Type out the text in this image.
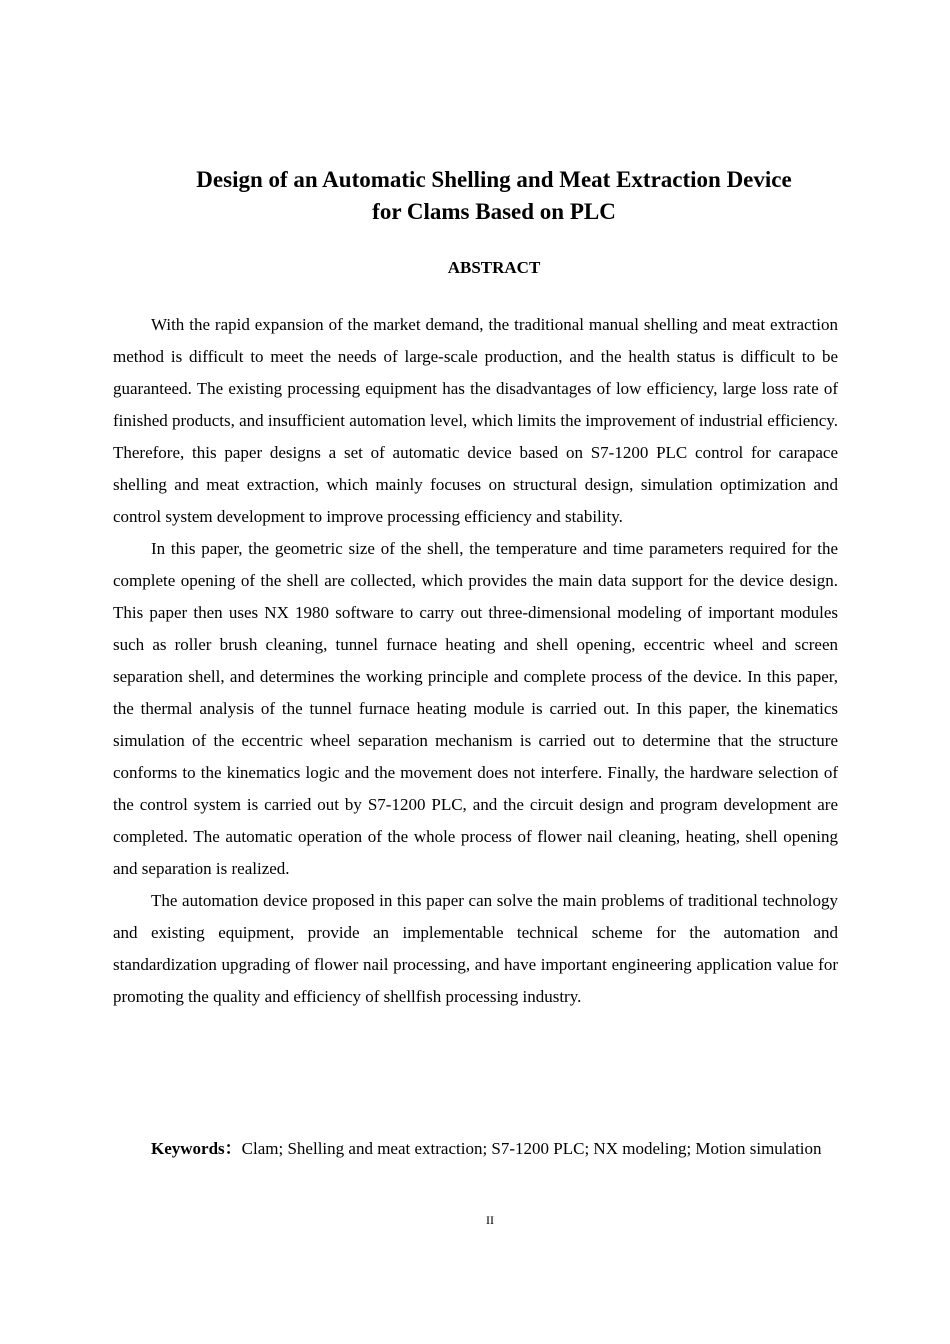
Design of an Automatic Shelling and Meat Extraction Device
for Clams Based on PLC
ABSTRACT

With the rapid expansion of the market demand, the traditional manual shelling and meat extraction method is difficult to meet the needs of large-scale production, and the health status is difficult to be guaranteed. The existing processing equipment has the disadvantages of low efficiency, large loss rate of finished products, and insufficient automation level, which limits the improvement of industrial efficiency. Therefore, this paper designs a set of automatic device based on S7-1200 PLC control for carapace shelling and meat extraction, which mainly focuses on structural design, simulation optimization and control system development to improve processing efficiency and stability.

In this paper, the geometric size of the shell, the temperature and time parameters required for the complete opening of the shell are collected, which provides the main data support for the device design. This paper then uses NX 1980 software to carry out three-dimensional modeling of important modules such as roller brush cleaning, tunnel furnace heating and shell opening, eccentric wheel and screen separation shell, and determines the working principle and complete process of the device. In this paper, the thermal analysis of the tunnel furnace heating module is carried out. In this paper, the kinematics simulation of the eccentric wheel separation mechanism is carried out to determine that the structure conforms to the kinematics logic and the movement does not interfere. Finally, the hardware selection of the control system is carried out by S7-1200 PLC, and the circuit design and program development are completed. The automatic operation of the whole process of flower nail cleaning, heating, shell opening and separation is realized.

The automation device proposed in this paper can solve the main problems of traditional technology and existing equipment, provide an implementable technical scheme for the automation and standardization upgrading of flower nail processing, and have important engineering application value for promoting the quality and efficiency of shellfish processing industry.

Keywords：Clam; Shelling and meat extraction; S7-1200 PLC; NX modeling; Motion simulation

II
